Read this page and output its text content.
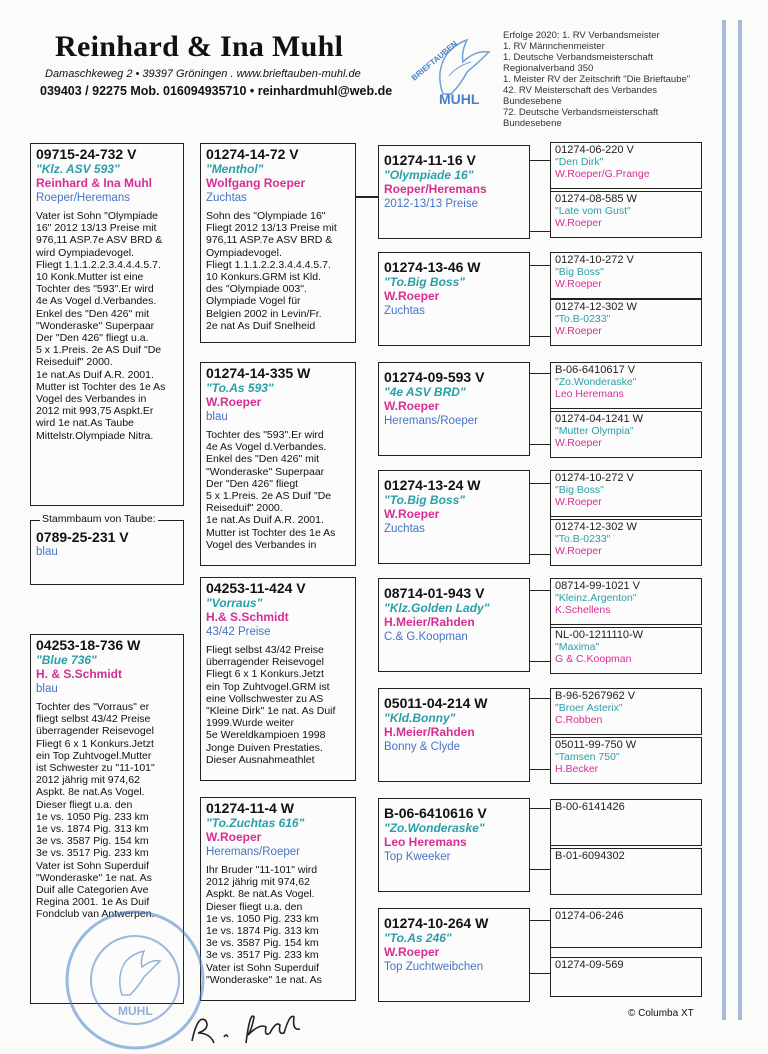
Reinhard & Ina Muhl
Damaschkeweg 2 • 39397 Gröningen . www.brieftauben-muhl.de
039403 / 92275 Mob. 016094935710 • reinhardmuhl@web.de
BRIEFTAUBEN
MUHL
Erfolge 2020: 1. RV Verbandsmeister
1. RV Männchenmeister
1. Deutsche Verbandsmeisterschaft
Regionalverband 350
1. Meister RV der Zeitschrift "Die Brieftaube"
42. RV Meisterschaft des Verbandes
Bundesebene
72. Deutsche Verbandsmeisterschaft
Bundesebene
09715-24-732 V
"Klz. ASV 593"
Reinhard & Ina Muhl
Roeper/Heremans
Vater ist Sohn "Olympiade
16" 2012 13/13 Preise mit
976,11 ASP.7e ASV BRD &
wird Oympiadevogel.
Fliegt 1.1.1.2.2.3.4.4.4.5.7.
10 Konk.Mutter ist eine
Tochter des "593".Er wird
4e As Vogel d.Verbandes.
Enkel des "Den 426" mit
"Wonderaske" Superpaar
Der "Den 426" fliegt u.a.
5 x 1.Preis. 2e AS Duif "De
Reiseduif" 2000.
1e nat.As Duif A.R. 2001.
Mutter ist Tochter des 1e As
Vogel des Verbandes in
2012 mit 993,75 Aspkt.Er
wird 1e nat.As Taube
Mittelstr.Olympiade Nitra.
0789-25-231 V
blau
Stammbaum von Taube:
04253-18-736 W
"Blue 736"
H. & S.Schmidt
blau
Tochter des "Vorraus" er
fliegt selbst 43/42 Preise
überragender Reisevogel
Fliegt 6 x 1 Konkurs.Jetzt
ein Top Zuhtvogel.Mutter
ist Schwester zu "11-101"
2012 jährig mit 974,62
Aspkt. 8e nat.As Vogel.
Dieser fliegt u.a. den
1e vs. 1050 Pig. 233 km
1e vs. 1874 Pig. 313 km
3e vs. 3587 Pig. 154 km
3e vs. 3517 Pig. 233 km
Vater ist Sohn Superduif
"Wonderaske" 1e nat. As
Duif alle Categorien Ave
Regina 2001. 1e As Duif
Fondclub van Antwerpen.
01274-14-72 V
"Menthol"
Wolfgang Roeper
Zuchtas
Sohn des "Olympiade 16"
Fliegt 2012 13/13 Preise mit
976,11 ASP.7e ASV BRD &
Oympiadevogel.
Fliegt 1.1.1.2.2.3.4.4.4.5.7.
10 Konkurs.GRM ist Kld.
des "Olympiade 003".
Olympiade Vogel für
Belgien 2002 in Levin/Fr.
2e nat As Duif Snelheid
01274-14-335 W
"To.As 593"
W.Roeper
blau
Tochter des "593".Er wird
4e As Vogel d.Verbandes.
Enkel des "Den 426" mit
"Wonderaske" Superpaar
Der "Den 426" fliegt
5 x 1.Preis. 2e AS Duif "De
Reiseduif" 2000.
1e nat.As Duif A.R. 2001.
Mutter ist Tochter des 1e As
Vogel des Verbandes in
04253-11-424 V
"Vorraus"
H.& S.Schmidt
43/42 Preise
Fliegt selbst 43/42 Preise
überragender Reisevogel
Fliegt 6 x 1 Konkurs.Jetzt
ein Top Zuhtvogel.GRM ist
eine Vollschwester zu AS
"Kleine Dirk" 1e nat. As Duif
1999.Wurde weiter
5e Wereldkampioen 1998
Jonge Duiven Prestaties.
Dieser Ausnahmeathlet
01274-11-4 W
"To.Zuchtas 616"
W.Roeper
Heremans/Roeper
Ihr Bruder "11-101" wird
2012 jährig mit 974,62
Aspkt. 8e nat.As Vogel.
Dieser fliegt u.a. den
1e vs. 1050 Pig. 233 km
1e vs. 1874 Pig. 313 km
3e vs. 3587 Pig. 154 km
3e vs. 3517 Pig. 233 km
Vater ist Sohn Superduif
"Wonderaske" 1e nat. As
01274-11-16 V
"Olympiade 16"
Roeper/Heremans
2012-13/13 Preise
01274-13-46 W
"To.Big Boss"
W.Roeper
Zuchtas
01274-09-593 V
"4e ASV BRD"
W.Roeper
Heremans/Roeper
01274-13-24 W
"To.Big Boss"
W.Roeper
Zuchtas
08714-01-943 V
"Klz.Golden Lady"
H.Meier/Rahden
C.& G.Koopman
05011-04-214 W
"Kld.Bonny"
H.Meier/Rahden
Bonny & Clyde
B-06-6410616 V
"Zo.Wonderaske"
Leo Heremans
Top Kweeker
01274-10-264 W
"To.As 246"
W.Roeper
Top Zuchtweibchen
01274-06-220 V
"Den Dirk"
W.Roeper/G.Prange
01274-08-585 W
"Late vom Gust"
W.Roeper
01274-10-272 V
"Big Boss"
W.Roeper
01274-12-302 W
"To.B-0233"
W.Roeper
B-06-6410617 V
"Zo.Wonderaske"
Leo Heremans
01274-04-1241 W
"Mutter Olympia"
W.Roeper
01274-10-272 V
"Big Boss"
W.Roeper
01274-12-302 W
"To.B-0233"
W.Roeper
08714-99-1021 V
"Kleinz.Argenton"
K.Schellens
NL-00-1211110-W
"Maxima"
G & C.Koopman
B-96-5267962 V
"Broer Asterix"
C.Robben
05011-99-750 W
"Tamsen 750"
H.Becker
B-00-6141426
B-01-6094302
01274-06-246
01274-09-569
MUHL	© Columba XT
